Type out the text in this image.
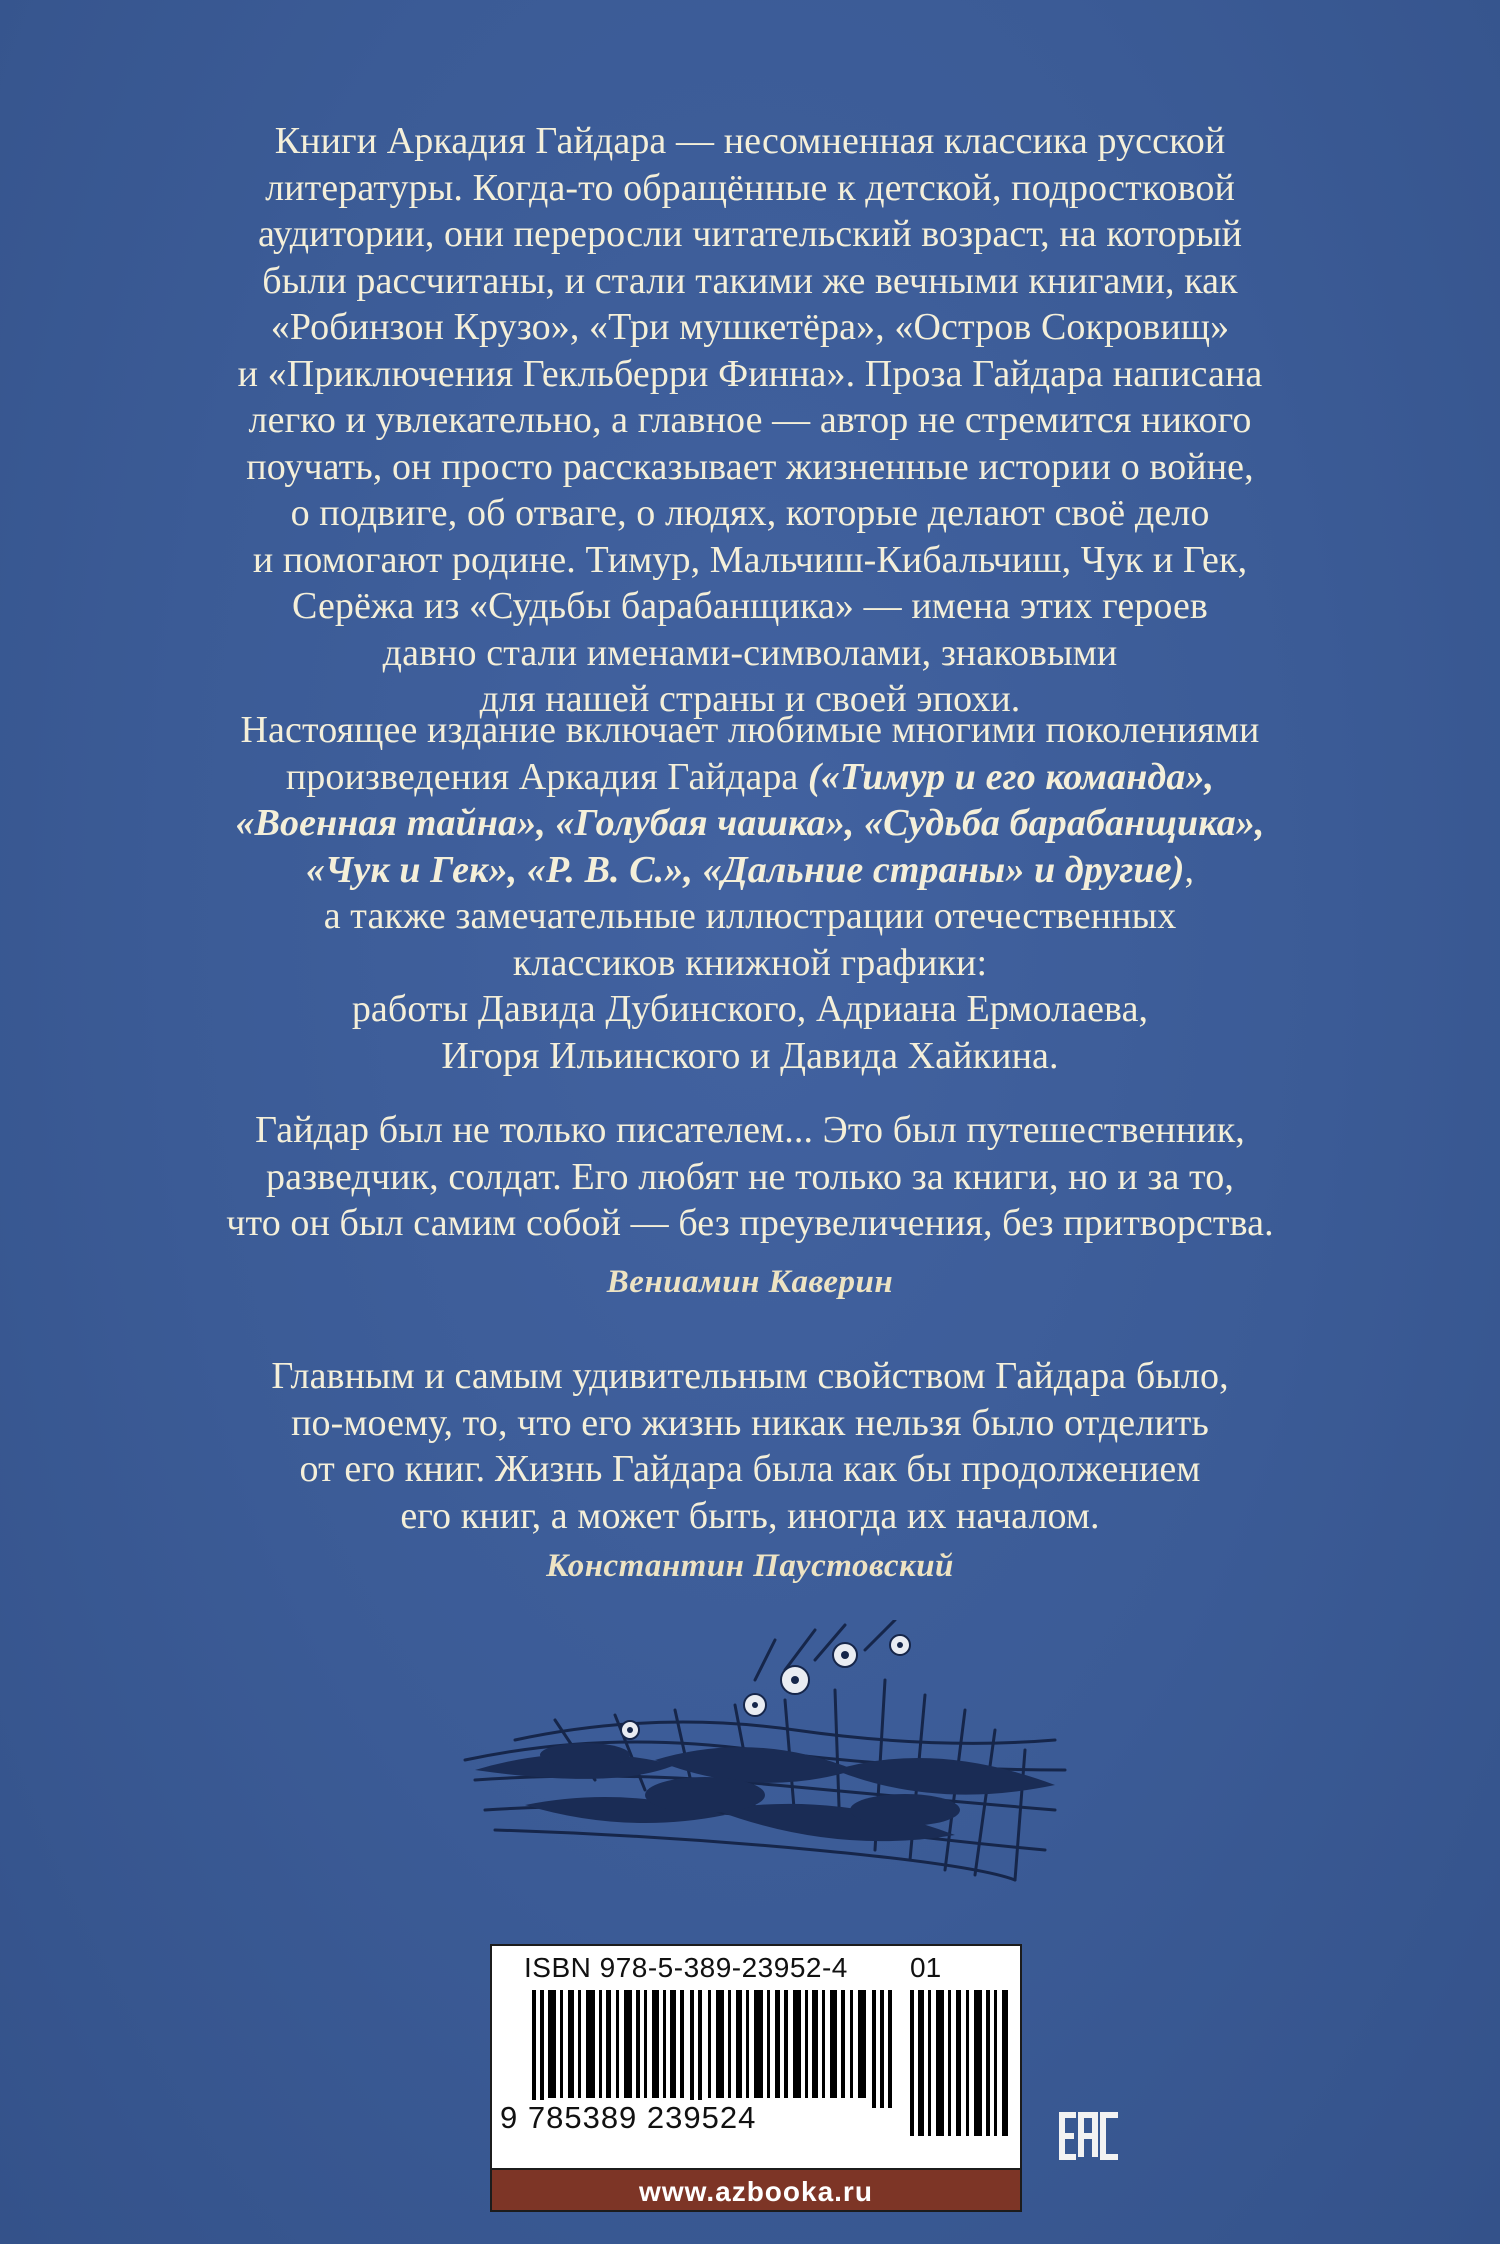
Книги Аркадия Гайдара — несомненная классика русской
литературы. Когда-то обращённые к детской, подростковой
аудитории, они переросли читательский возраст, на который
были рассчитаны, и стали такими же вечными книгами, как
«Робинзон Крузо», «Три мушкетёра», «Остров Сокровищ»
и «Приключения Гекльберри Финна». Проза Гайдара написана
легко и увлекательно, а главное — автор не стремится никого
поучать, он просто рассказывает жизненные истории о войне,
о подвиге, об отваге, о людях, которые делают своё дело
и помогают родине. Тимур, Мальчиш-Кибальчиш, Чук и Гек,
Серёжа из «Судьбы барабанщика» — имена этих героев
давно стали именами-символами, знаковыми
для нашей страны и своей эпохи.
Настоящее издание включает любимые многими поколениями
произведения Аркадия Гайдара («Тимур и его команда»,
«Военная тайна», «Голубая чашка», «Судьба барабанщика»,
«Чук и Гек», «Р. В. С.», «Дальние страны» и другие),
а также замечательные иллюстрации отечественных
классиков книжной графики:
работы Давида Дубинского, Адриана Ермолаева,
Игоря Ильинского и Давида Хайкина.
Гайдар был не только писателем... Это был путешественник,
разведчик, солдат. Его любят не только за книги, но и за то,
что он был самим собой — без преувеличения, без притворства.
Вениамин Каверин
Главным и самым удивительным свойством Гайдара было,
по-моему, то, что его жизнь никак нельзя было отделить
от его книг. Жизнь Гайдара была как бы продолжением
его книг, а может быть, иногда их началом.
Константин Паустовский
ISBN 978-5-389-23952-4 01
9 785389 239524
www.azbooka.ru
